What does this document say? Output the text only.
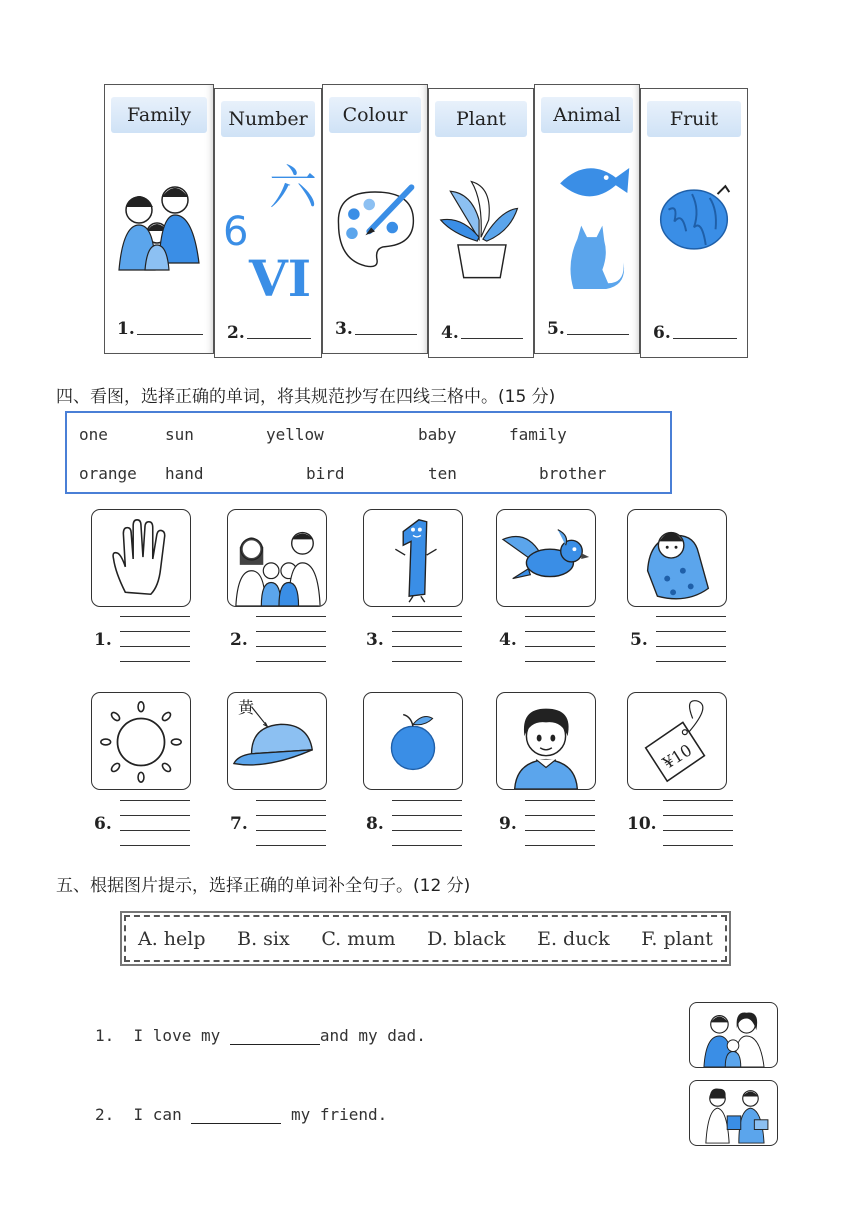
Family
1.
Number
六
6
VI
2.
Colour
3.
Plant
4.
Animal
5.
Fruit
6.
四、看图，选择正确的单词，将其规范抄写在四线三格中。(15 分)
one	sun	yellow	baby	family
orange hand	bird	ten	brother
1.	2.	3.	4.	5.
黄
¥10
6.	7.	8.	9.	10.
五、根据图片提示，选择正确的单词补全句子。(12 分)
A. help B. six C. mum D. black E. duck F. plant
1.  I love my	and my dad.
2.  I can	my friend.
